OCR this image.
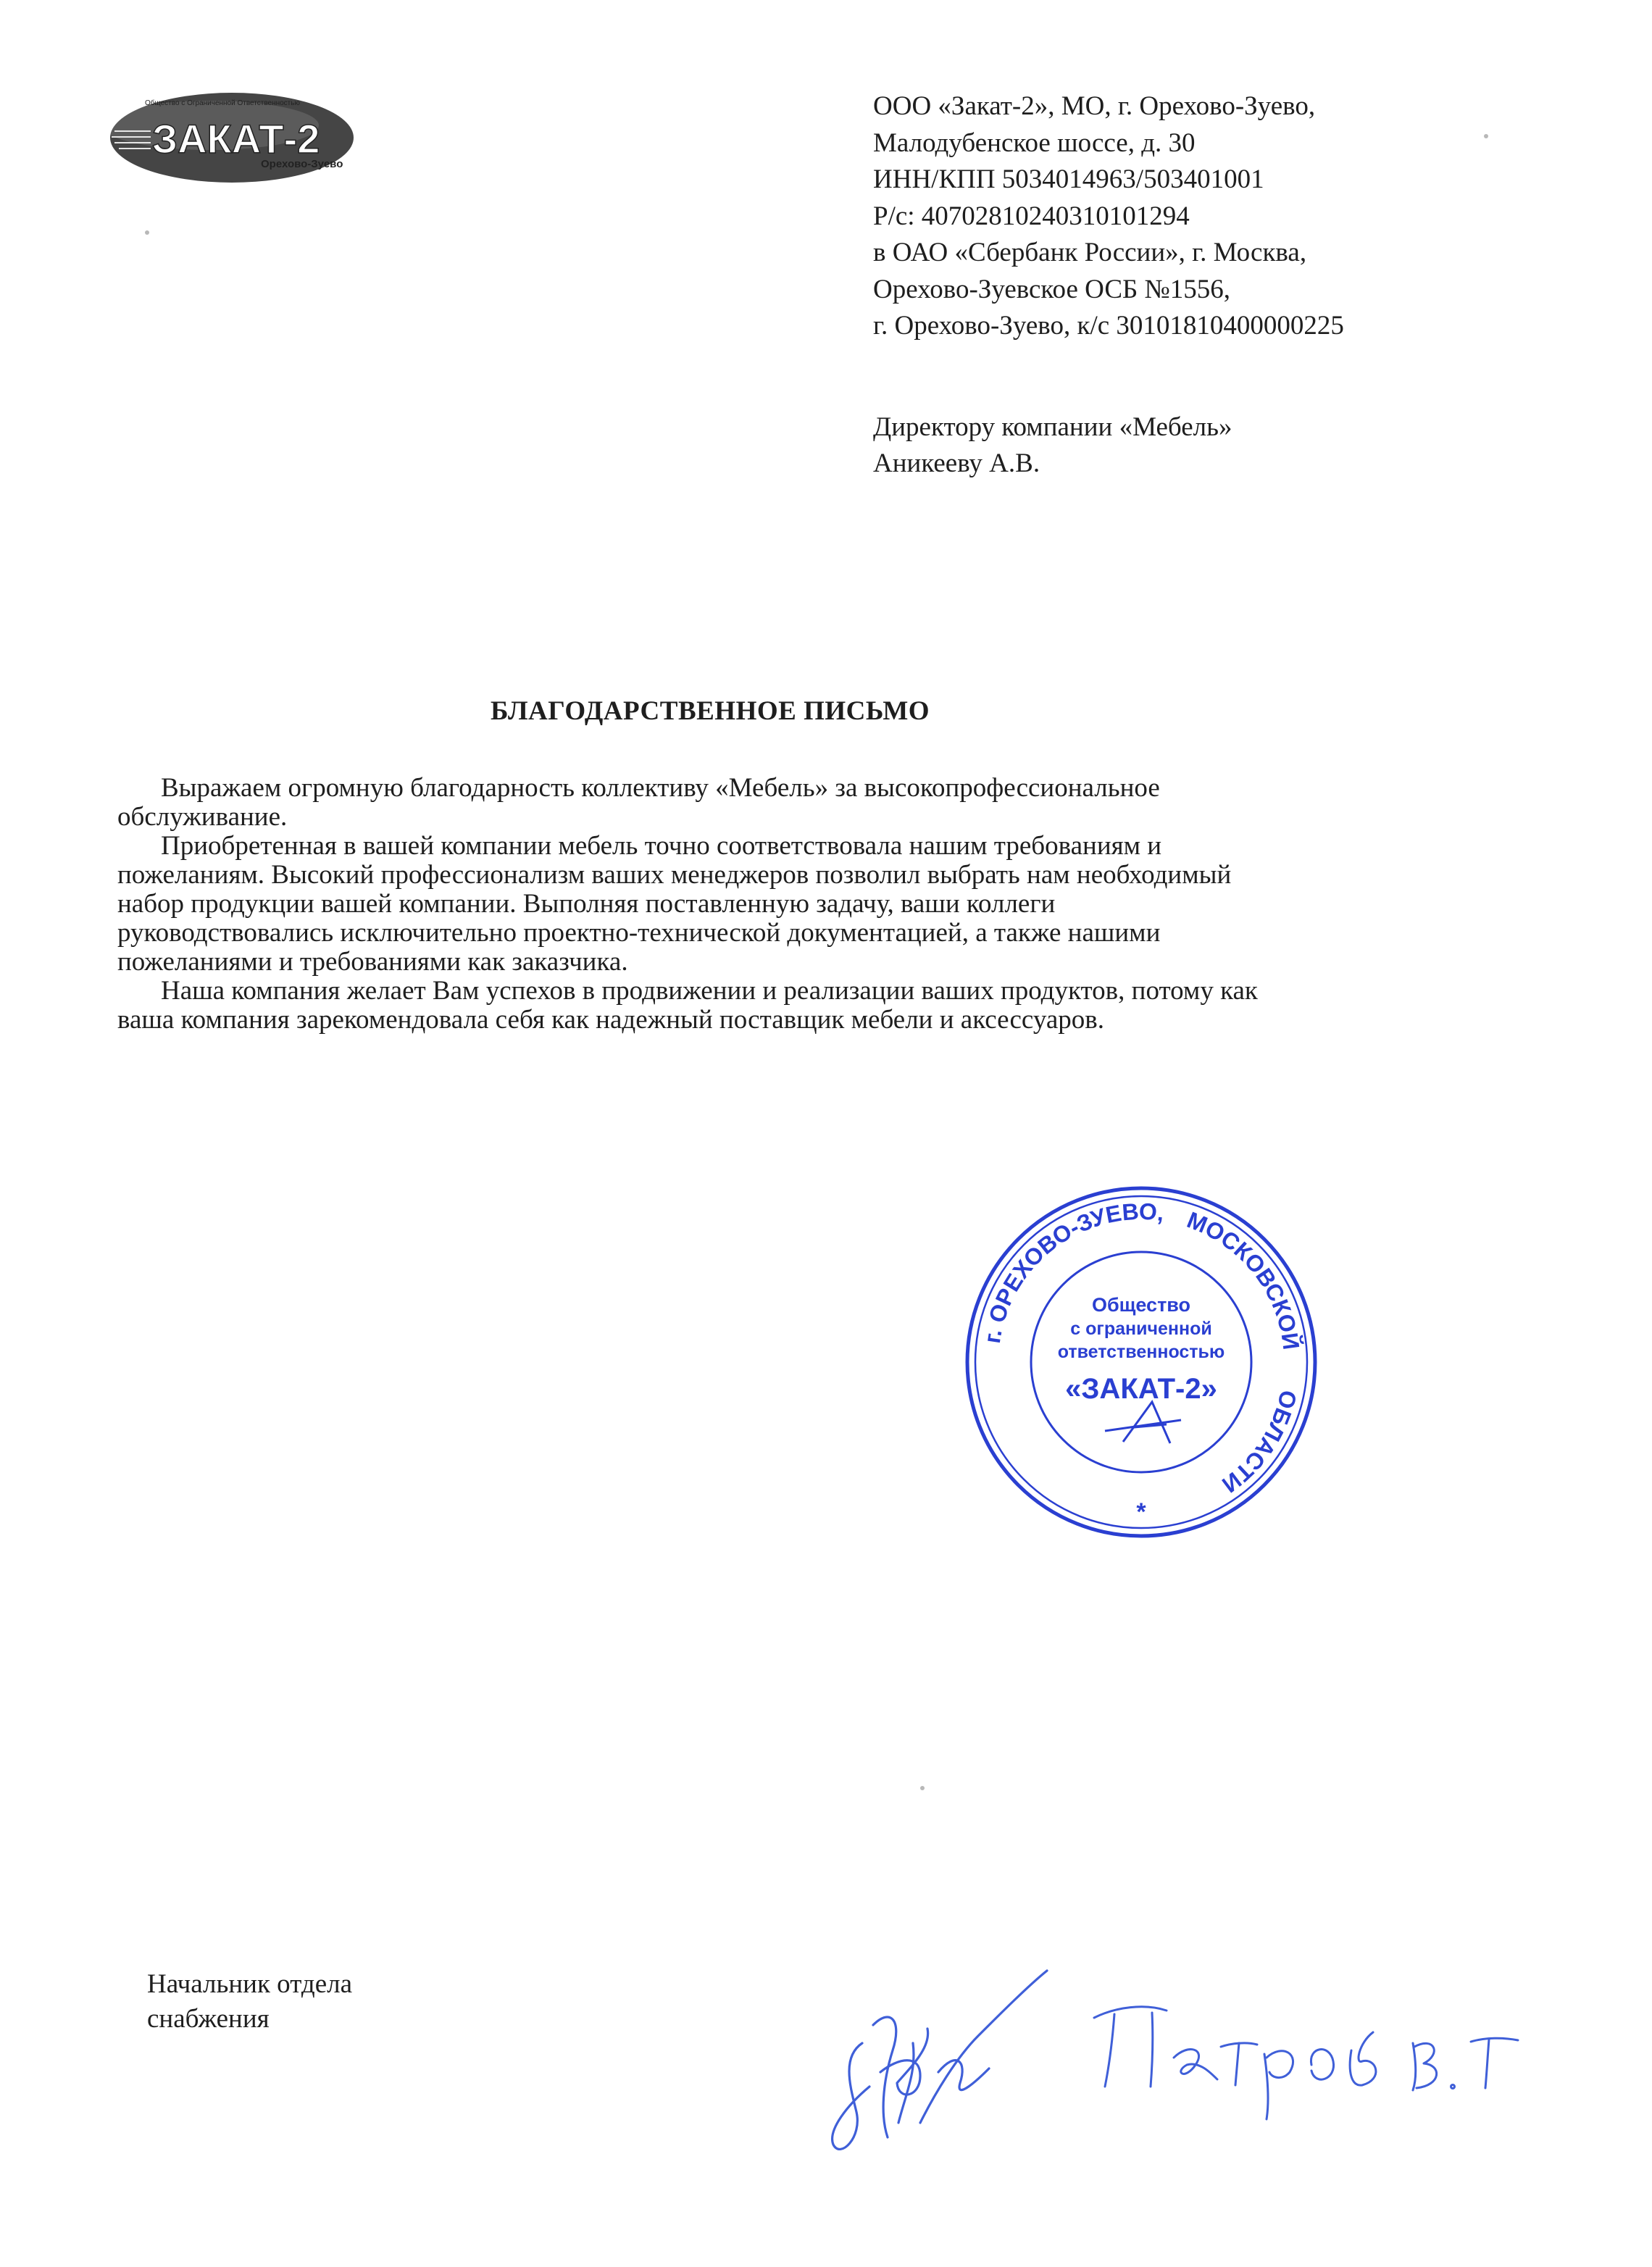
Общество с Ограниченной Ответственностью
ЗАКАТ-2
Орехово-Зуево
ООО «Закат-2», МО, г. Орехово-Зуево,
Малодубенское шоссе, д. 30
ИНН/КПП 5034014963/503401001
Р/с: 40702810240310101294
в ОАО «Сбербанк России», г. Москва,
Орехово-Зуевское ОСБ №1556,
г. Орехово-Зуево, к/с 30101810400000225
Директору компании «Мебель»
Аникееву А.В.
БЛАГОДАРСТВЕННОЕ ПИСЬМО

Выражаем огромную благодарность коллективу «Мебель» за высокопрофессиональное

обслуживание.

Приобретенная в вашей компании мебель точно соответствовала нашим требованиям и

пожеланиям. Высокий профессионализм ваших менеджеров позволил выбрать нам необходимый

набор продукции вашей компании. Выполняя поставленную задачу, ваши коллеги

руководствовались исключительно проектно-технической документацией, а также нашими

пожеланиями и требованиями как заказчика.

Наша компания желает Вам успехов в продвижении и реализации ваших продуктов, потому как

ваша компания зарекомендовала себя как надежный поставщик мебели и аксессуаров.

г. ОРЕХОВО-ЗУЕВО, МОСКОВСКОЙ
ОБЛАСТИ
Общество
с ограниченной
ответственностью
«ЗАКАТ-2»
*
Начальник отдела
снабжения
